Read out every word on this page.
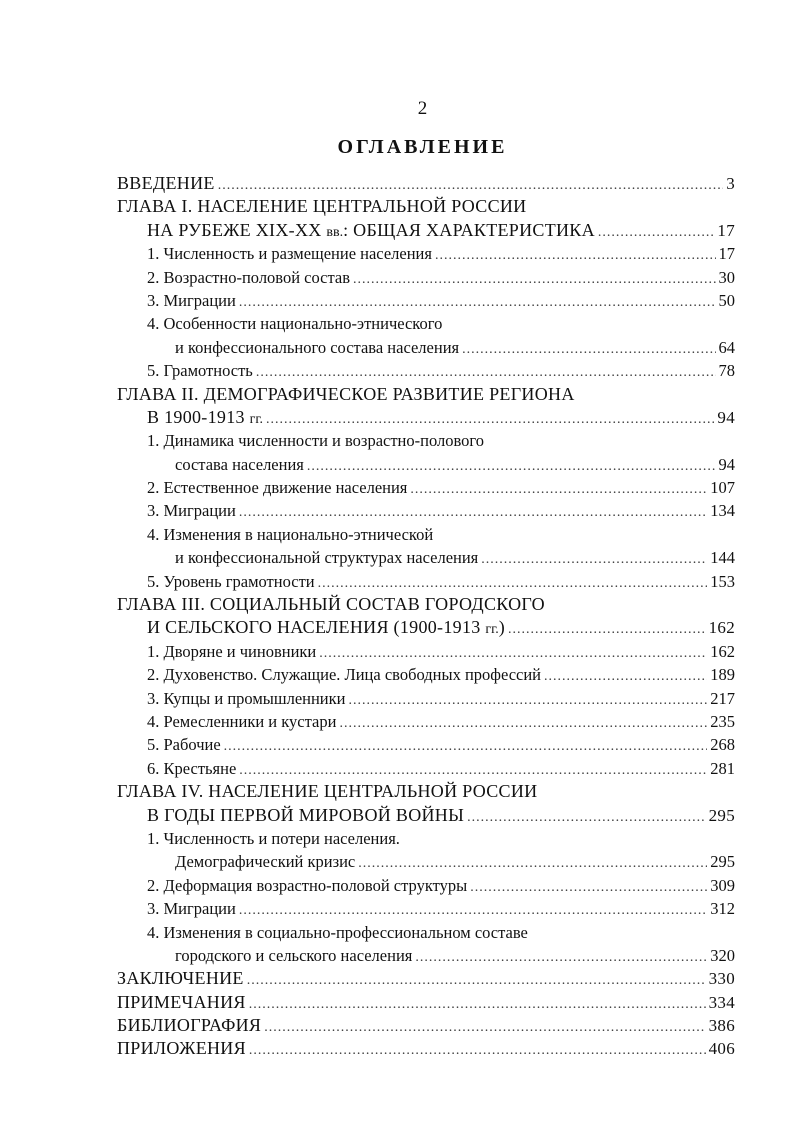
2
ОГЛАВЛЕНИЕ
ВВЕДЕНИЕ .....	3
ГЛАВА I. НАСЕЛЕНИЕ ЦЕНТРАЛЬНОЙ РОССИИ
НА РУБЕЖЕ XIX-XX вв.: ОБЩАЯ ХАРАКТЕРИСТИКА .....	17
1. Численность и размещение населения .....	17
2. Возрастно-половой состав .....	30
3. Миграции .....	50
4. Особенности национально-этнического
и конфессионального состава населения .....	64
5. Грамотность .....	78
ГЛАВА II. ДЕМОГРАФИЧЕСКОЕ РАЗВИТИЕ РЕГИОНА
В 1900-1913 гг. .....	94
1. Динамика численности и возрастно-полового
состава населения .....	94
2. Естественное движение населения .....	107
3. Миграции .....	134
4. Изменения в национально-этнической
и конфессиональной структурах населения .....	144
5. Уровень грамотности .....	153
ГЛАВА III. СОЦИАЛЬНЫЙ СОСТАВ ГОРОДСКОГО
И СЕЛЬСКОГО НАСЕЛЕНИЯ (1900-1913 гг.) .....	162
1. Дворяне и чиновники .....	162
2. Духовенство. Служащие. Лица свободных профессий .....	189
3. Купцы и промышленники .....	217
4. Ремесленники и кустари .....	235
5. Рабочие .....	268
6. Крестьяне .....	281
ГЛАВА IV. НАСЕЛЕНИЕ ЦЕНТРАЛЬНОЙ РОССИИ
В ГОДЫ ПЕРВОЙ МИРОВОЙ ВОЙНЫ .....	295
1. Численность и потери населения.
Демографический кризис .....	295
2. Деформация возрастно-половой структуры .....	309
3. Миграции .....	312
4. Изменения в социально-профессиональном составе
городского и сельского населения .....	320
ЗАКЛЮЧЕНИЕ .....	330
ПРИМЕЧАНИЯ .....	334
БИБЛИОГРАФИЯ .....	386
ПРИЛОЖЕНИЯ .....	406
